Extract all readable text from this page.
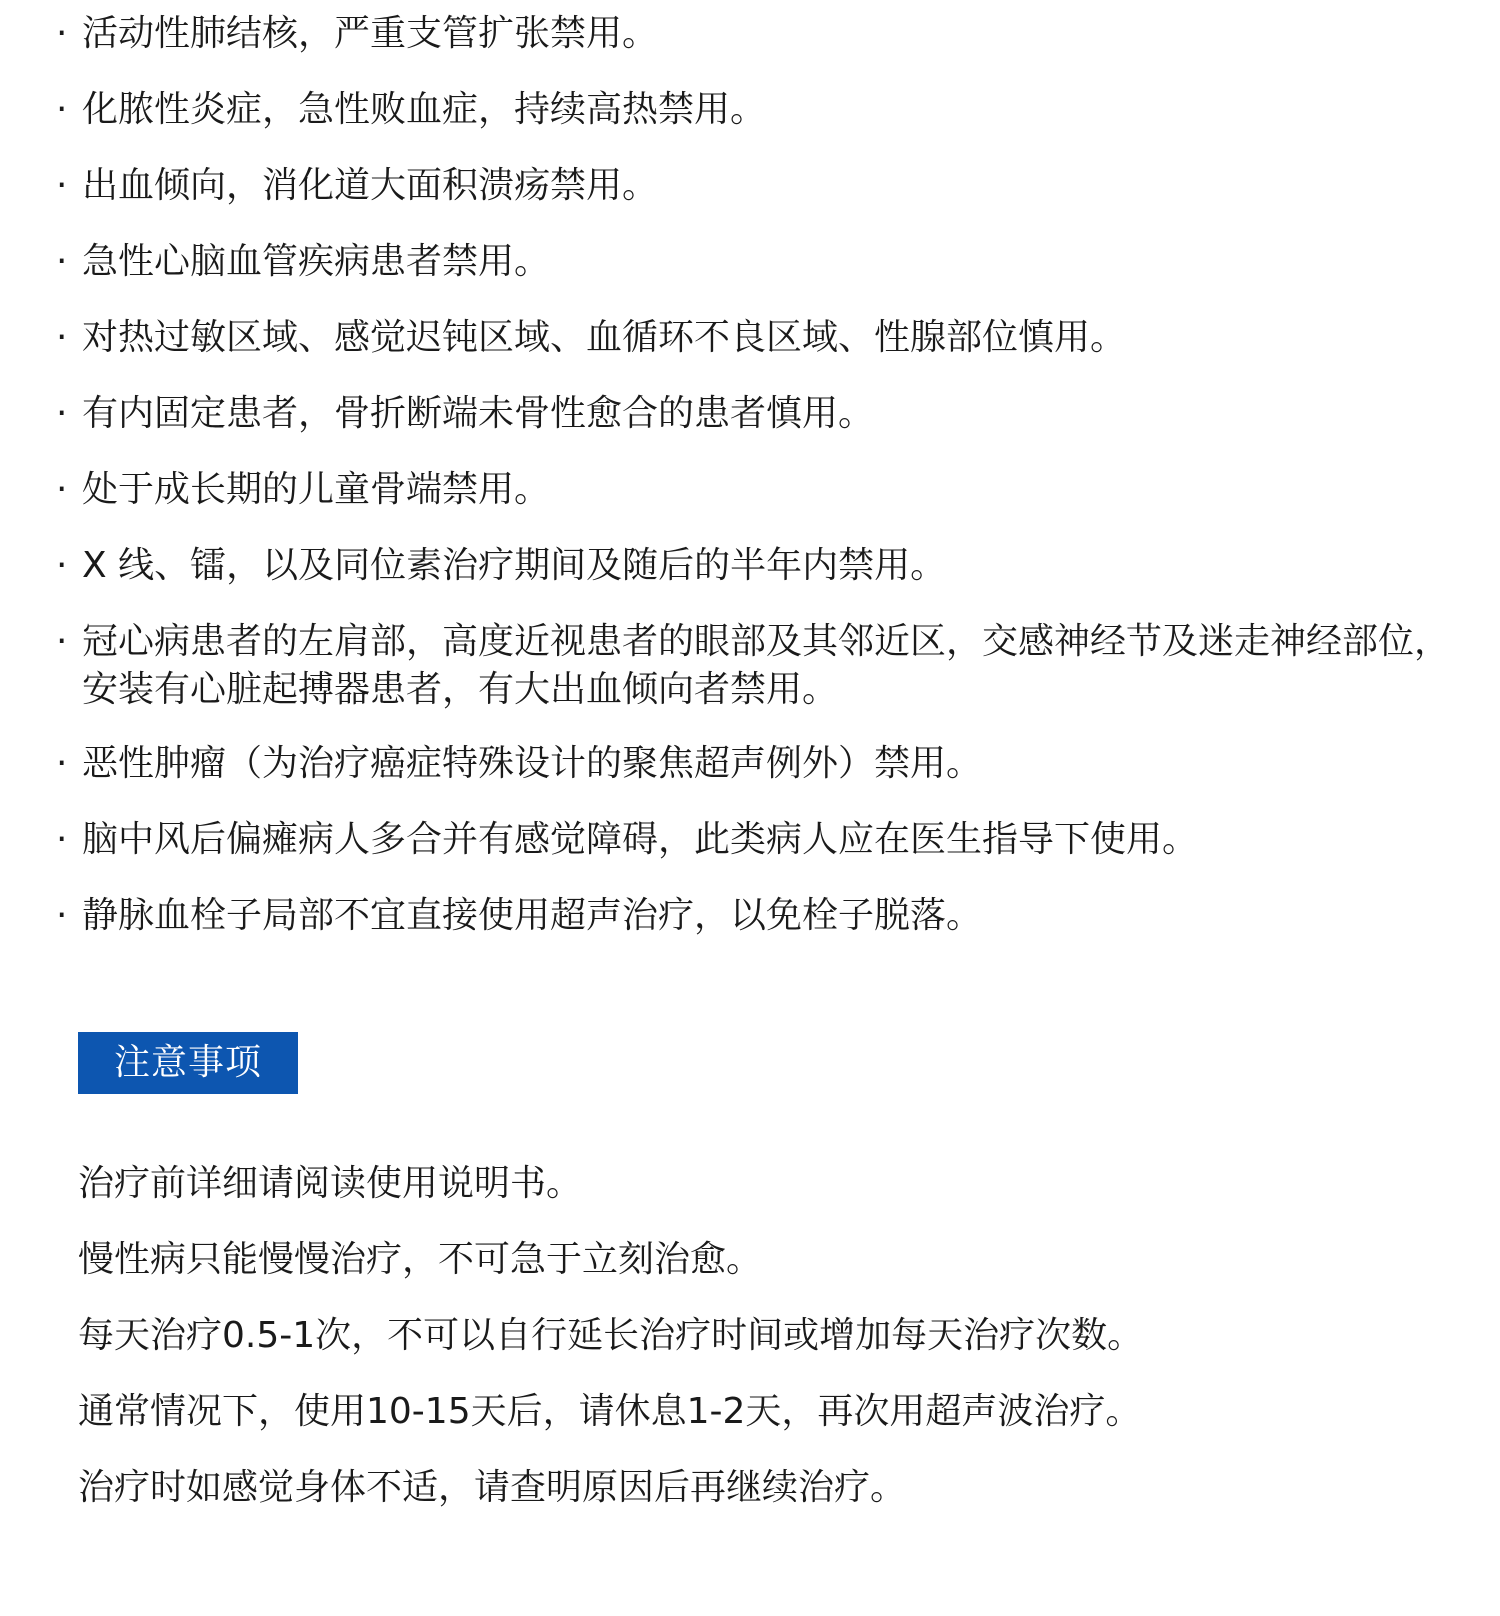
· 活动性肺结核，严重支管扩张禁用。
· 化脓性炎症，急性败血症，持续高热禁用。
· 出血倾向，消化道大面积溃疡禁用。
· 急性心脑血管疾病患者禁用。
· 对热过敏区域、感觉迟钝区域、血循环不良区域、性腺部位慎用。
· 有内固定患者，骨折断端未骨性愈合的患者慎用。
· 处于成长期的儿童骨端禁用。
· X 线、镭，以及同位素治疗期间及随后的半年内禁用。
· 冠心病患者的左肩部，高度近视患者的眼部及其邻近区，交感神经节及迷走神经部位，安装有心脏起搏器患者，有大出血倾向者禁用。
· 恶性肿瘤（为治疗癌症特殊设计的聚焦超声例外）禁用。
· 脑中风后偏瘫病人多合并有感觉障碍，此类病人应在医生指导下使用。
· 静脉血栓子局部不宜直接使用超声治疗，以免栓子脱落。
注意事项
治疗前详细请阅读使用说明书。
慢性病只能慢慢治疗，不可急于立刻治愈。
每天治疗0.5-1次，不可以自行延长治疗时间或增加每天治疗次数。
通常情况下，使用10-15天后，请休息1-2天，再次用超声波治疗。
治疗时如感觉身体不适，请查明原因后再继续治疗。
